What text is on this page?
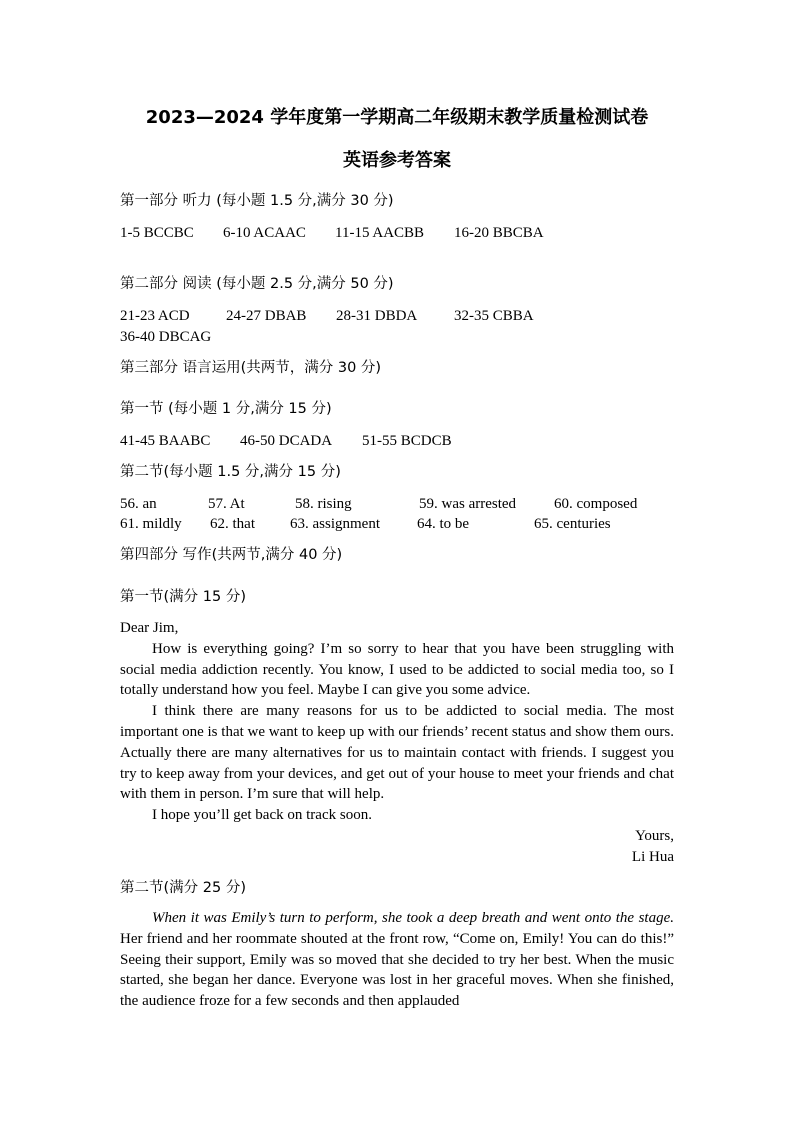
2023—2024 学年度第一学期高二年级期末教学质量检测试卷
英语参考答案
第一部分 听力 (每小题 1.5 分,满分 30 分)
1-5 BCCBC 6-10 ACAAC 11-15 AACBB 16-20 BBCBA
第二部分 阅读 (每小题 2.5 分,满分 50 分)
21-23 ACD 24-27 DBAB 28-31 DBDA 32-35 CBBA
36-40 DBCAG
第三部分 语言运用(共两节，满分 30 分)
第一节 (每小题 1 分,满分 15 分)
41-45 BAABC 46-50 DCADA 51-55 BCDCB
第二节(每小题 1.5 分,满分 15 分)
56. an	57. At	58. rising	59. was arrested	60. composed
61. mildly 62. that 63. assignment 64. to be	65. centuries
第四部分 写作(共两节,满分 40 分)
第一节(满分 15 分)

Dear Jim,

How is everything going? I’m so sorry to hear that you have been struggling with social media addiction recently. You know, I used to be addicted to social media too, so I totally understand how you feel. Maybe I can give you some advice.

I think there are many reasons for us to be addicted to social media. The most important one is that we want to keep up with our friends’ recent status and show them ours. Actually there are many alternatives for us to maintain contact with friends. I suggest you try to keep away from your devices, and get out of your house to meet your friends and chat with them in person. I’m sure that will help.

I hope you’ll get back on track soon.

Yours,

Li Hua

第二节(满分 25 分)

When it was Emily’s turn to perform, she took a deep breath and went onto the stage. Her friend and her roommate shouted at the front row, “Come on, Emily! You can do this!” Seeing their support, Emily was so moved that she decided to try her best. When the music started, she began her dance. Everyone was lost in her graceful moves. When she finished, the audience froze for a few seconds and then applauded
